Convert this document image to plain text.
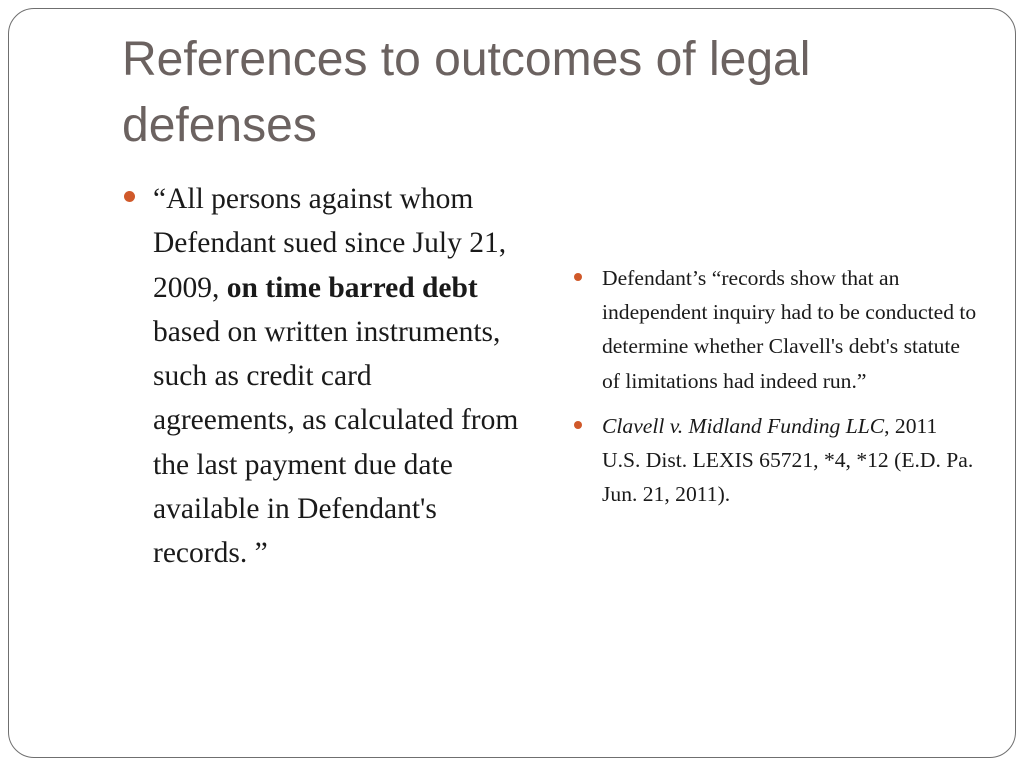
References to outcomes of legal defenses
“All persons against whom Defendant sued since July 21, 2009, on time barred debt based on written instruments, such as credit card agreements, as calculated from the last payment due date available in Defendant's records. ”
Defendant’s “records show that an independent inquiry had to be conducted to determine whether Clavell's debt's statute of limitations had indeed run.”
Clavell v. Midland Funding LLC, 2011 U.S. Dist. LEXIS 65721, *4, *12 (E.D. Pa. Jun. 21, 2011).
